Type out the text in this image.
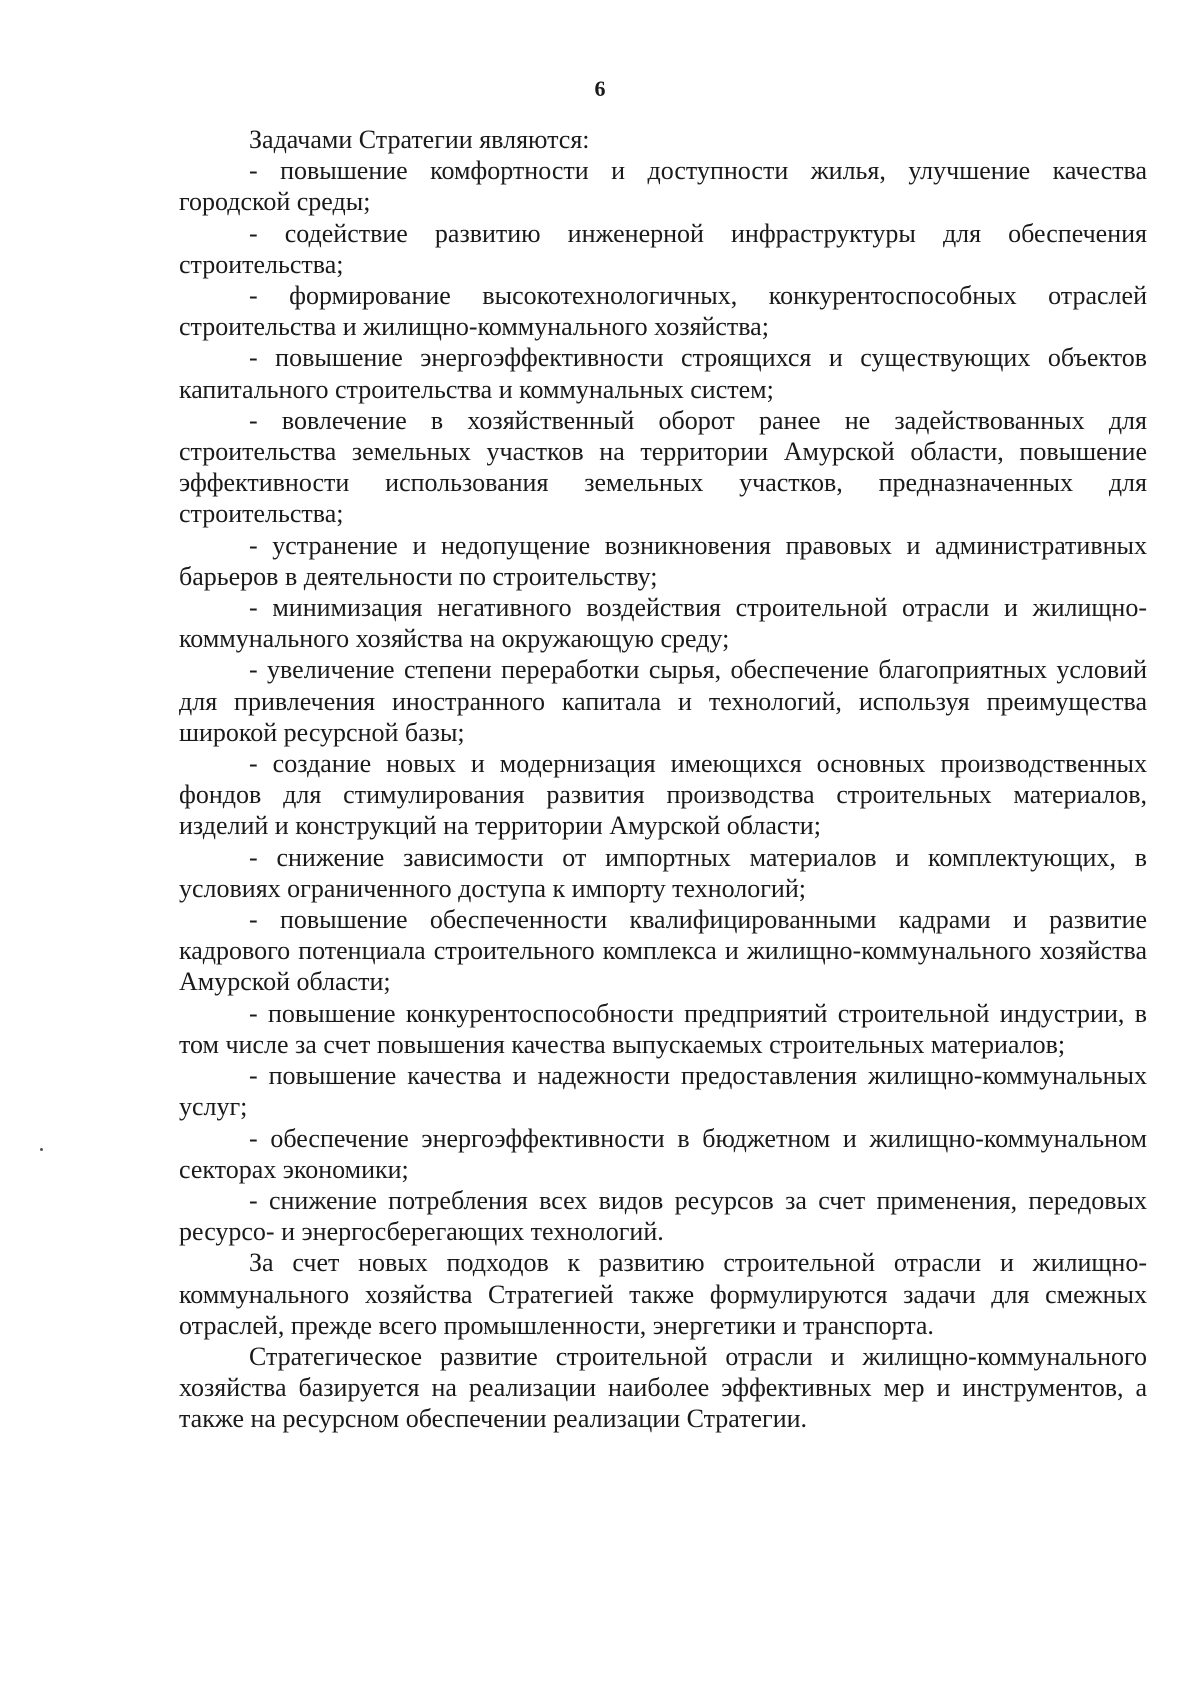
6

Задачами Стратегии являются:

- повышение комфортности и доступности жилья, улучшение качества городской среды;

- содействие развитию инженерной инфраструктуры для обеспечения строительства;

- формирование высокотехнологичных, конкурентоспособных отраслей строительства и жилищно-коммунального хозяйства;

- повышение энергоэффективности строящихся и существующих объектов капитального строительства и коммунальных систем;

- вовлечение в хозяйственный оборот ранее не задействованных для строительства земельных участков на территории Амурской области, повышение эффективности использования земельных участков, предназначенных для строительства;

- устранение и недопущение возникновения правовых и административных барьеров в деятельности по строительству;

- минимизация негативного воздействия строительной отрасли и жилищно-коммунального хозяйства на окружающую среду;

- увеличение степени переработки сырья, обеспечение благоприятных условий для привлечения иностранного капитала и технологий, используя преимущества широкой ресурсной базы;

- создание новых и модернизация имеющихся основных производственных фондов для стимулирования развития производства строительных материалов, изделий и конструкций на территории Амурской области;

- снижение зависимости от импортных материалов и комплектующих, в условиях ограниченного доступа к импорту технологий;

- повышение обеспеченности квалифицированными кадрами и развитие кадрового потенциала строительного комплекса и жилищно-коммунального хозяйства Амурской области;

- повышение конкурентоспособности предприятий строительной индустрии, в том числе за счет повышения качества выпускаемых строительных материалов;

- повышение качества и надежности предоставления жилищно-коммунальных услуг;

- обеспечение энергоэффективности в бюджетном и жилищно-коммунальном секторах экономики;

- снижение потребления всех видов ресурсов за счет применения, передовых ресурсо- и энергосберегающих технологий.

За счет новых подходов к развитию строительной отрасли и жилищно-коммунального хозяйства Стратегией также формулируются задачи для смежных отраслей, прежде всего промышленности, энергетики и транспорта.

Стратегическое развитие строительной отрасли и жилищно-коммунального хозяйства базируется на реализации наиболее эффективных мер и инструментов, а также на ресурсном обеспечении реализации Стратегии.
